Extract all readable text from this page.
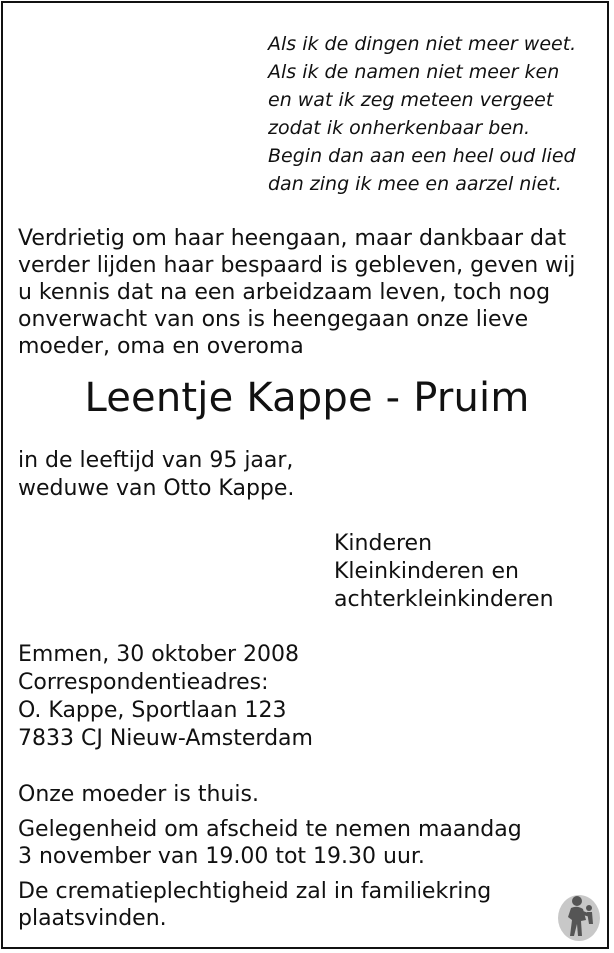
Als ik de dingen niet meer weet.
Als ik de namen niet meer ken
en wat ik zeg meteen vergeet
zodat ik onherkenbaar ben.
Begin dan aan een heel oud lied
dan zing ik mee en aarzel niet.
Verdrietig om haar heengaan, maar dankbaar dat
verder lijden haar bespaard is gebleven, geven wij
u kennis dat na een arbeidzaam leven, toch nog
onverwacht van ons is heengegaan onze lieve
moeder, oma en overoma
Leentje Kappe - Pruim
in de leeftijd van 95 jaar,
weduwe van Otto Kappe.
Kinderen
Kleinkinderen en
achterkleinkinderen
Emmen, 30 oktober 2008
Correspondentieadres:
O. Kappe, Sportlaan 123
7833 CJ Nieuw-Amsterdam
Onze moeder is thuis.
Gelegenheid om afscheid te nemen maandag
3 november van 19.00 tot 19.30 uur.
De crematieplechtigheid zal in familiekring
plaatsvinden.
